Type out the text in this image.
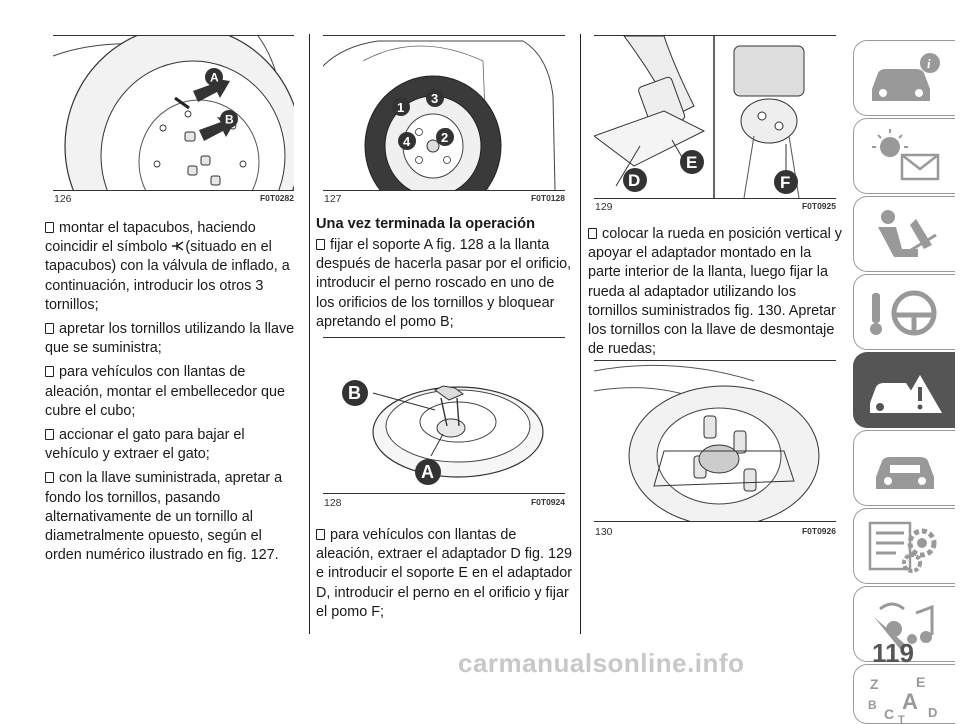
A
B
126	F0T0282

montar el tapacubos, haciendo coincidir el símbolo (situado en el tapacubos) con la válvula de inflado, a continuación, introducir los otros 3 tornillos;

apretar los tornillos utilizando la llave que se suministra;

para vehículos con llantas de aleación, montar el embellecedor que cubre el cubo;

accionar el gato para bajar el vehículo y extraer el gato;

con la llave suministrada, apretar a fondo los tornillos, pasando alternativamente de un tornillo al diametralmente opuesto, según el orden numérico ilustrado en fig. 127.

1
2
3
4
127	F0T0128
Una vez terminada la operación

fijar el soporte A fig. 128 a la llanta después de hacerla pasar por el orificio, introducir el perno roscado en uno de los orificios de los tornillos y bloquear apretando el pomo B;

B
A
128	F0T0924

para vehículos con llantas de aleación, extraer el adaptador D fig. 129 e introducir el soporte E en el adaptador D, introducir el perno en el orificio y fijar el pomo F;

D
E
F
129	F0T0925

colocar la rueda en posición vertical y apoyar el adaptador montado en la parte interior de la llanta, luego fijar la rueda al adaptador utilizando los tornillos suministrados fig. 130. Apretar los tornillos con la llave de desmontaje de ruedas;

130	F0T0926
i
Z	E
B A
C	D
T
carmanualsonline.info	119
